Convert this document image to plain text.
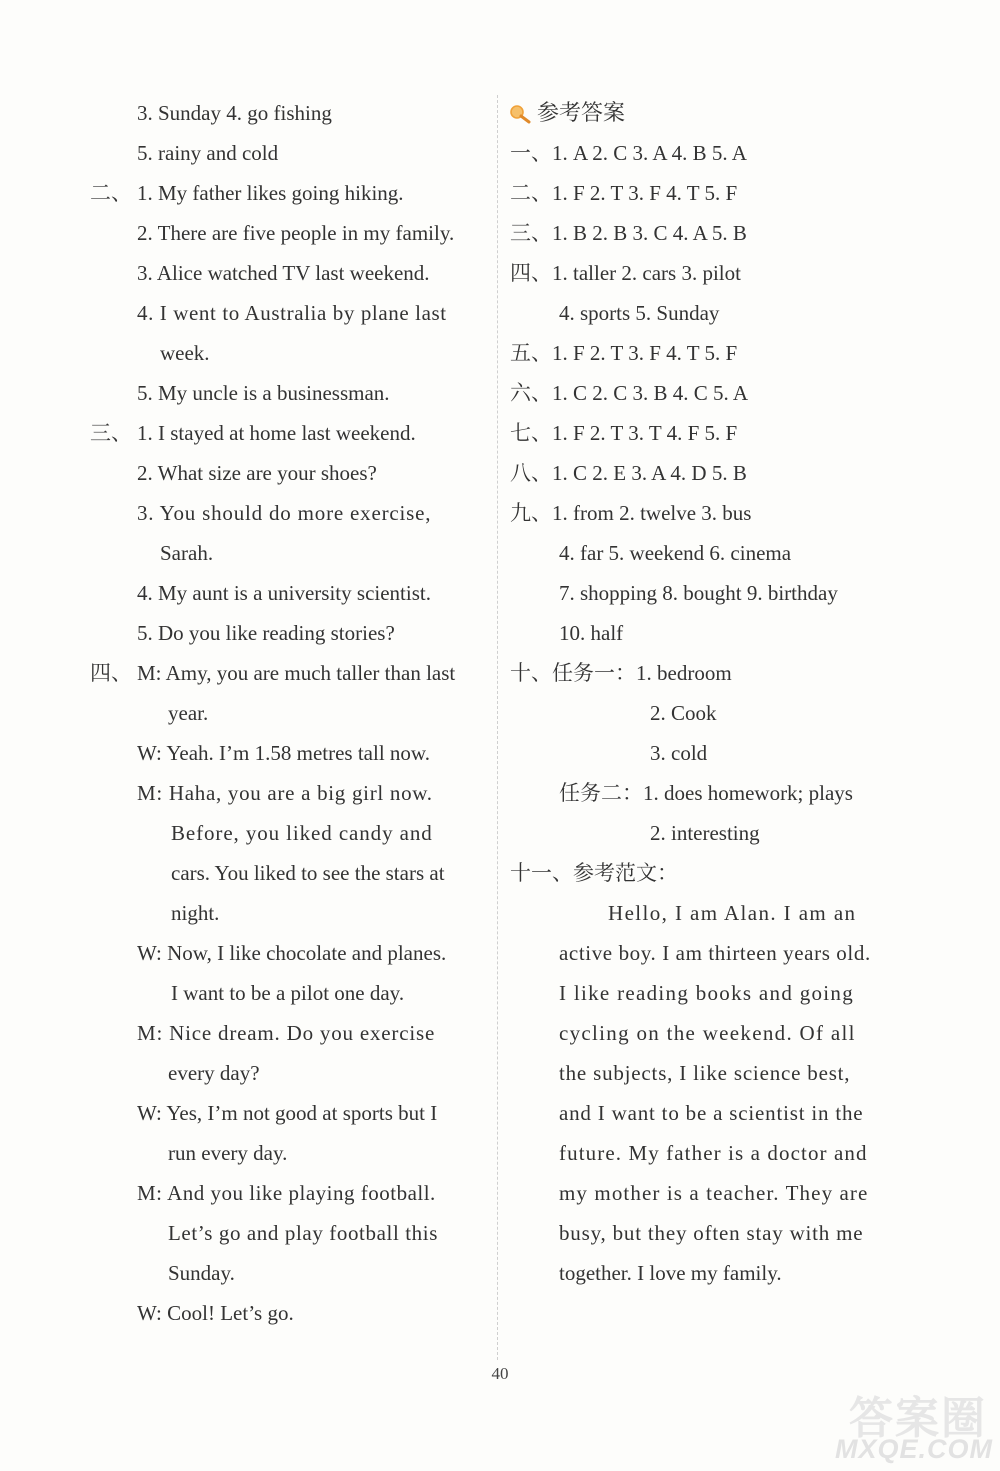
3. Sunday 4. go fishing
5. rainy and cold
二、 1. My father likes going hiking.
2. There are five people in my family.
3. Alice watched TV last weekend.
4. I went to Australia by plane last
week.
5. My uncle is a businessman.
三、 1. I stayed at home last weekend.
2. What size are your shoes?
3. You should do more exercise,
Sarah.
4. My aunt is a university scientist.
5. Do you like reading stories?
四、 M: Amy, you are much taller than last
year.
W: Yeah. I’m 1.58 metres tall now.
M: Haha, you are a big girl now.
Before, you liked candy and
cars. You liked to see the stars at
night.
W: Now, I like chocolate and planes.
I want to be a pilot one day.
M: Nice dream. Do you exercise
every day?
W: Yes, I’m not good at sports but I
run every day.
M: And you like playing football.
Let’s go and play football this
Sunday.
W: Cool! Let’s go.
参考答案
一、1. A 2. C 3. A 4. B 5. A
二、1. F 2. T 3. F 4. T 5. F
三、1. B 2. B 3. C 4. A 5. B
四、1. taller 2. cars 3. pilot
4. sports 5. Sunday
五、1. F 2. T 3. F 4. T 5. F
六、1. C 2. C 3. B 4. C 5. A
七、1. F 2. T 3. T 4. F 5. F
八、1. C 2. E 3. A 4. D 5. B
九、1. from 2. twelve 3. bus
4. far 5. weekend 6. cinema
7. shopping 8. bought 9. birthday
10. half
十、任务一：1. bedroom
2. Cook
3. cold
任务二：1. does homework; plays
2. interesting
十一、参考范文：
Hello, I am Alan. I am an
active boy. I am thirteen years old.
I like reading books and going
cycling on the weekend. Of all
the subjects, I like science best,
and I want to be a scientist in the
future. My father is a doctor and
my mother is a teacher. They are
busy, but they often stay with me
together. I love my family.
40
答案圈
MXQE.COM
